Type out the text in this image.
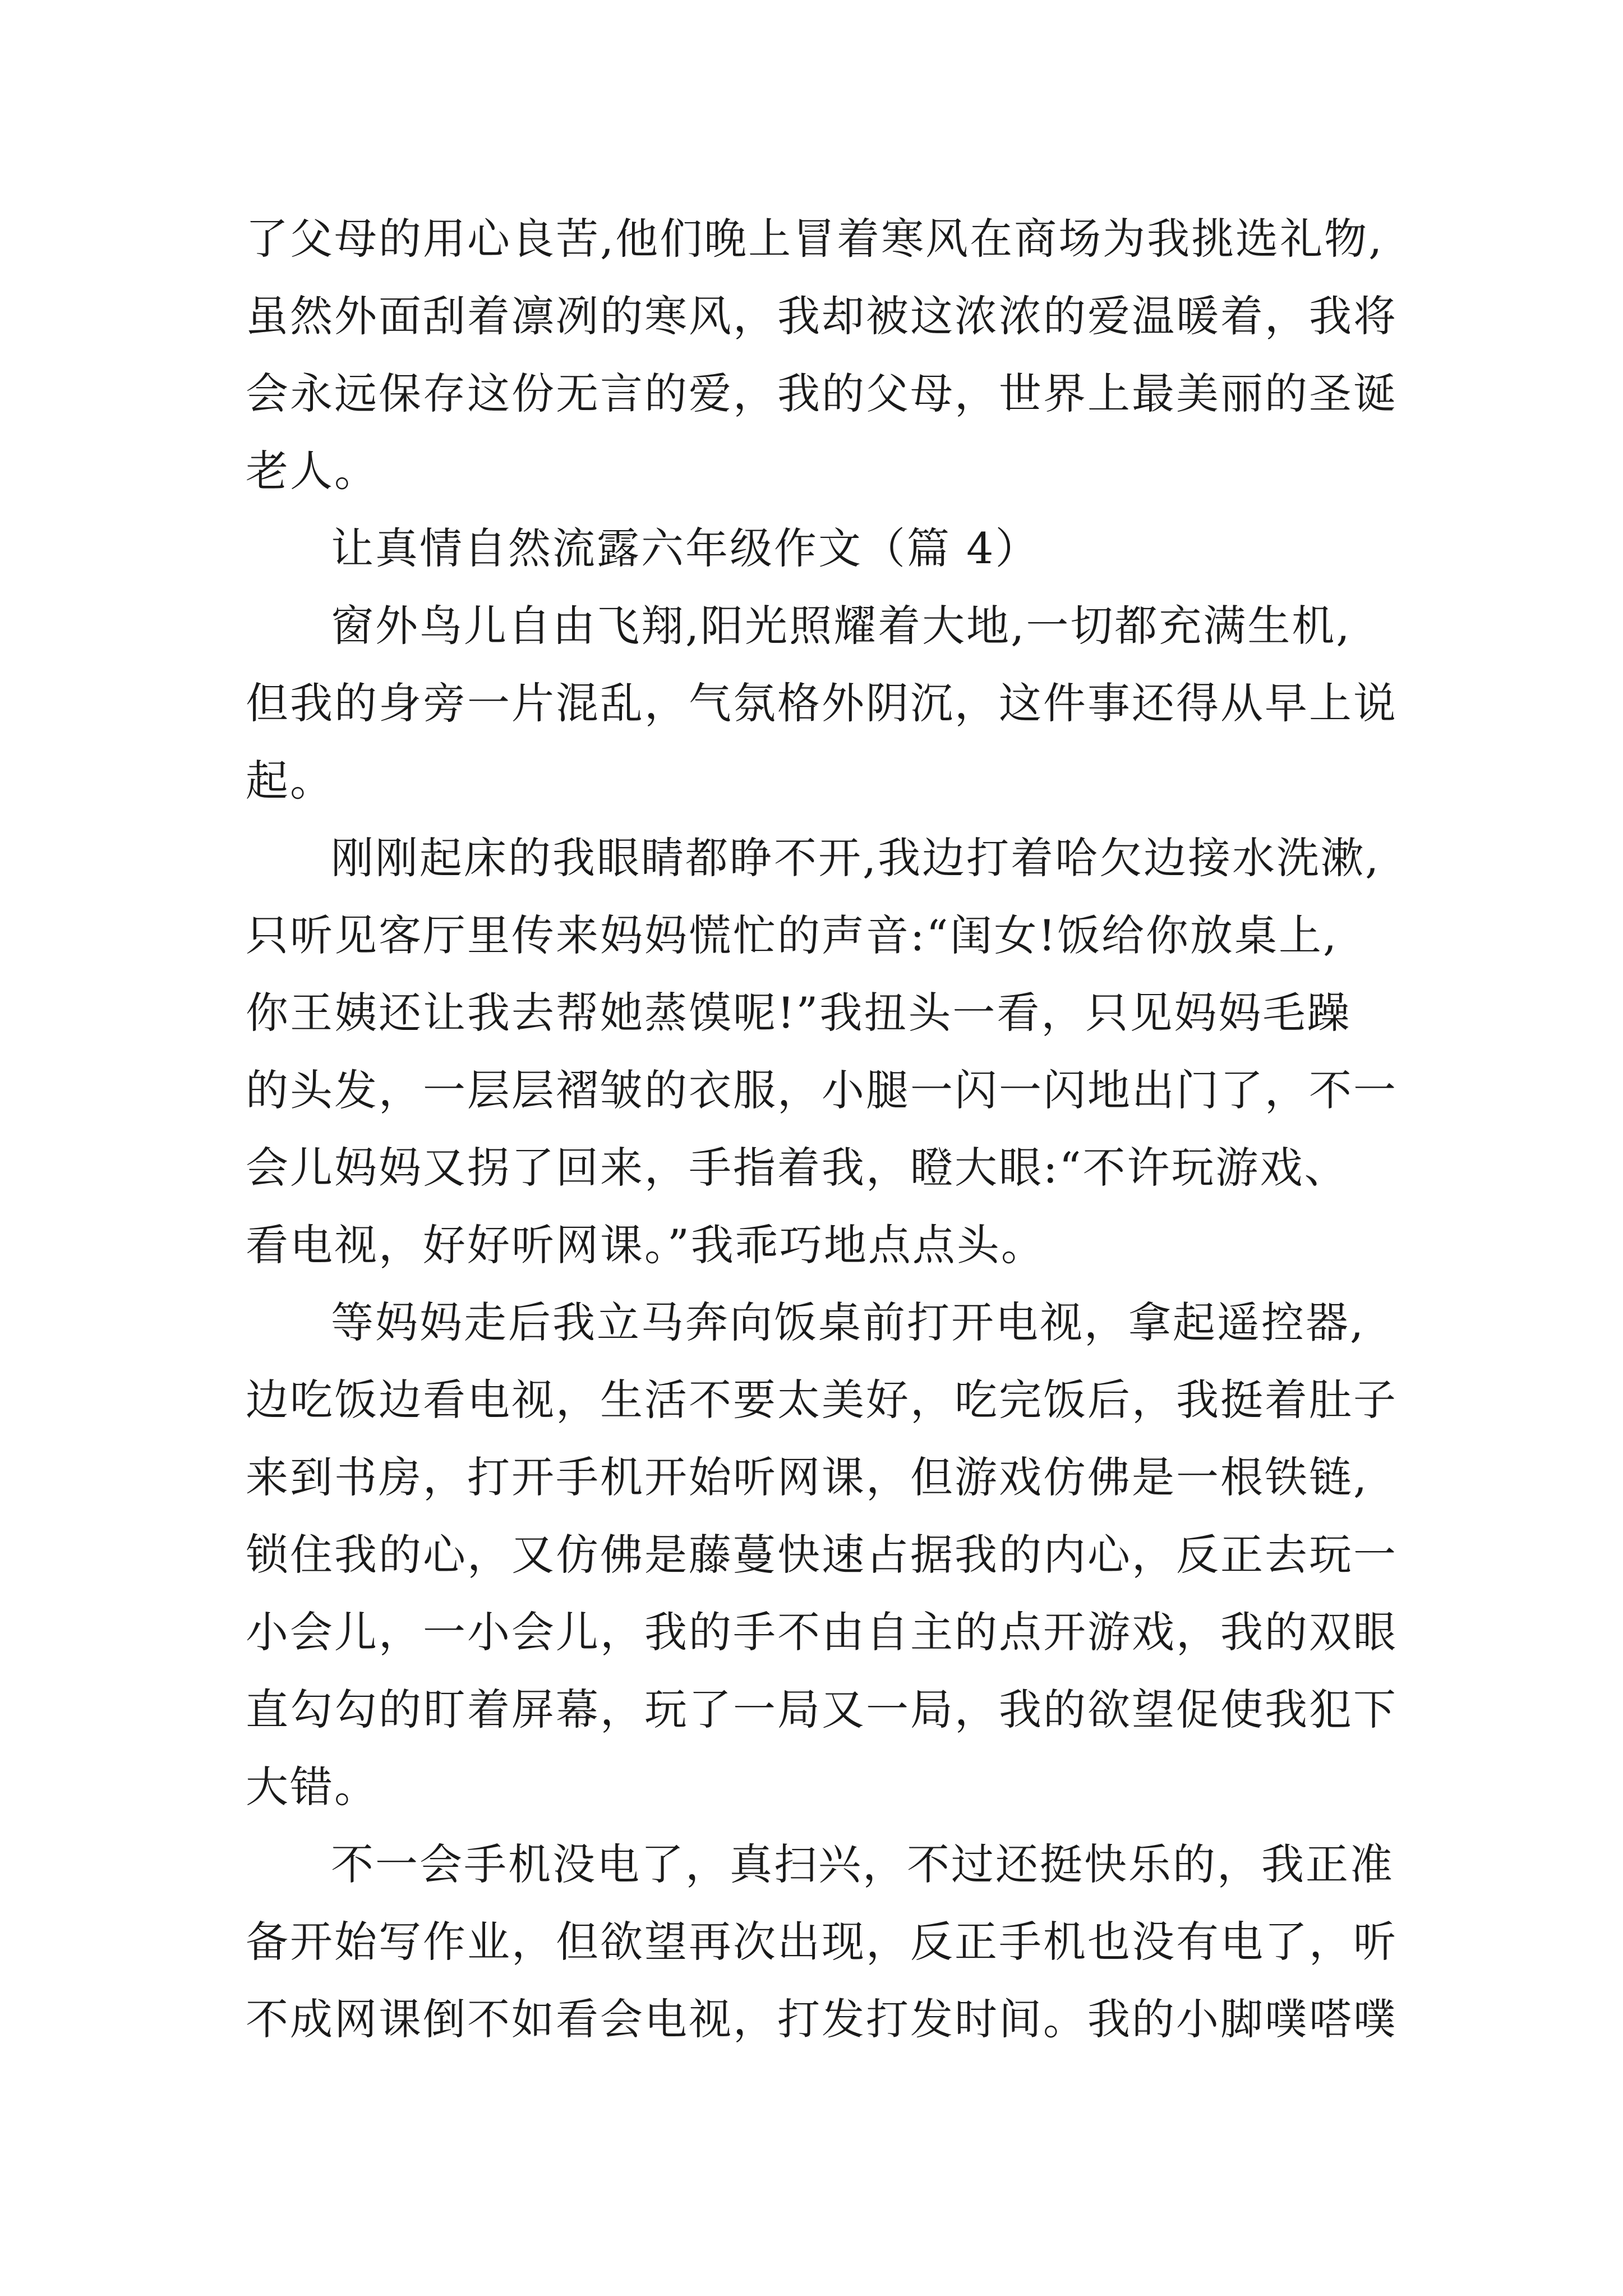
了父母的用心良苦,他们晚上冒着寒风在商场为我挑选礼物,
虽然外面刮着凛冽的寒风，我却被这浓浓的爱温暖着，我将
会永远保存这份无言的爱，我的父母，世界上最美丽的圣诞
老人。
让真情自然流露六年级作文（篇 4）
窗外鸟儿自由飞翔,阳光照耀着大地,一切都充满生机,
但我的身旁一片混乱，气氛格外阴沉，这件事还得从早上说
起。
刚刚起床的我眼睛都睁不开,我边打着哈欠边接水洗漱,
只听见客厅里传来妈妈慌忙的声音:“闺女!饭给你放桌上,
你王姨还让我去帮她蒸馍呢!”我扭头一看，只见妈妈毛躁
的头发，一层层褶皱的衣服，小腿一闪一闪地出门了，不一
会儿妈妈又拐了回来，手指着我，瞪大眼:“不许玩游戏、
看电视，好好听网课。”我乖巧地点点头。
等妈妈走后我立马奔向饭桌前打开电视，拿起遥控器,
边吃饭边看电视，生活不要太美好，吃完饭后，我挺着肚子
来到书房，打开手机开始听网课，但游戏仿佛是一根铁链,
锁住我的心，又仿佛是藤蔓快速占据我的内心，反正去玩一
小会儿，一小会儿，我的手不由自主的点开游戏，我的双眼
直勾勾的盯着屏幕，玩了一局又一局，我的欲望促使我犯下
大错。
不一会手机没电了，真扫兴，不过还挺快乐的，我正准
备开始写作业，但欲望再次出现，反正手机也没有电了，听
不成网课倒不如看会电视，打发打发时间。我的小脚噗嗒噗
